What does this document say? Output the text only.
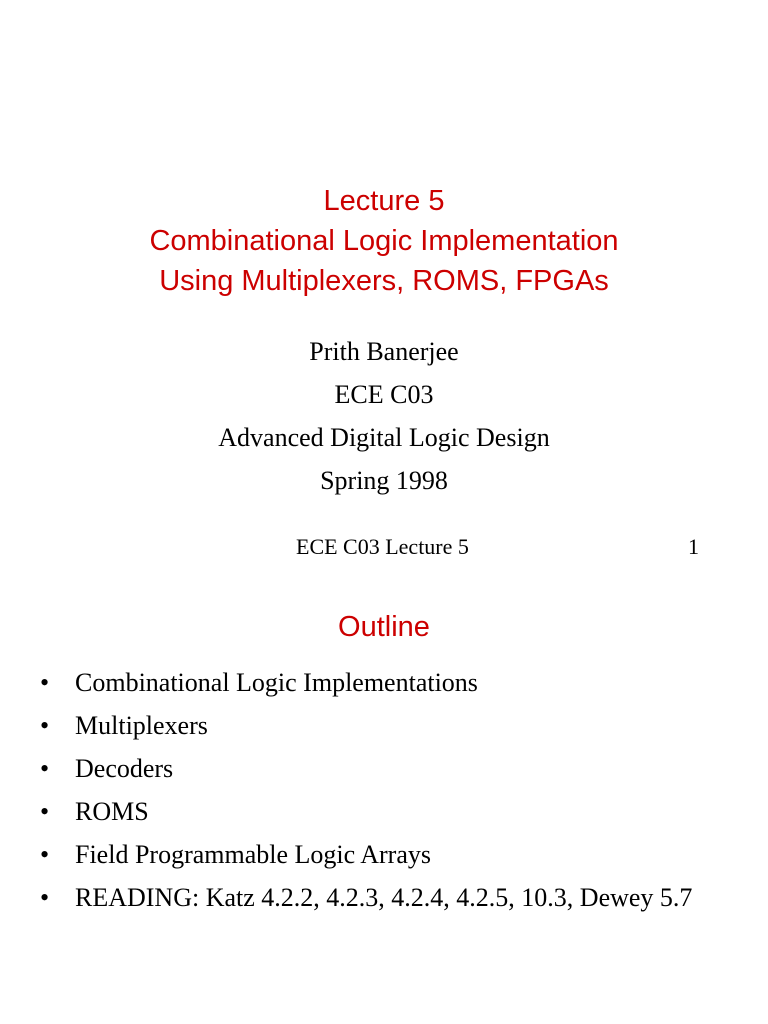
Lecture 5
Combinational Logic Implementation
Using Multiplexers, ROMS, FPGAs
Prith Banerjee
ECE C03
Advanced Digital Logic Design
Spring 1998
ECE C03 Lecture 5	1
Outline
• Combinational Logic Implementations
• Multiplexers
• Decoders
• ROMS
• Field Programmable Logic Arrays
• READING: Katz 4.2.2, 4.2.3, 4.2.4, 4.2.5, 10.3, Dewey 5.7
